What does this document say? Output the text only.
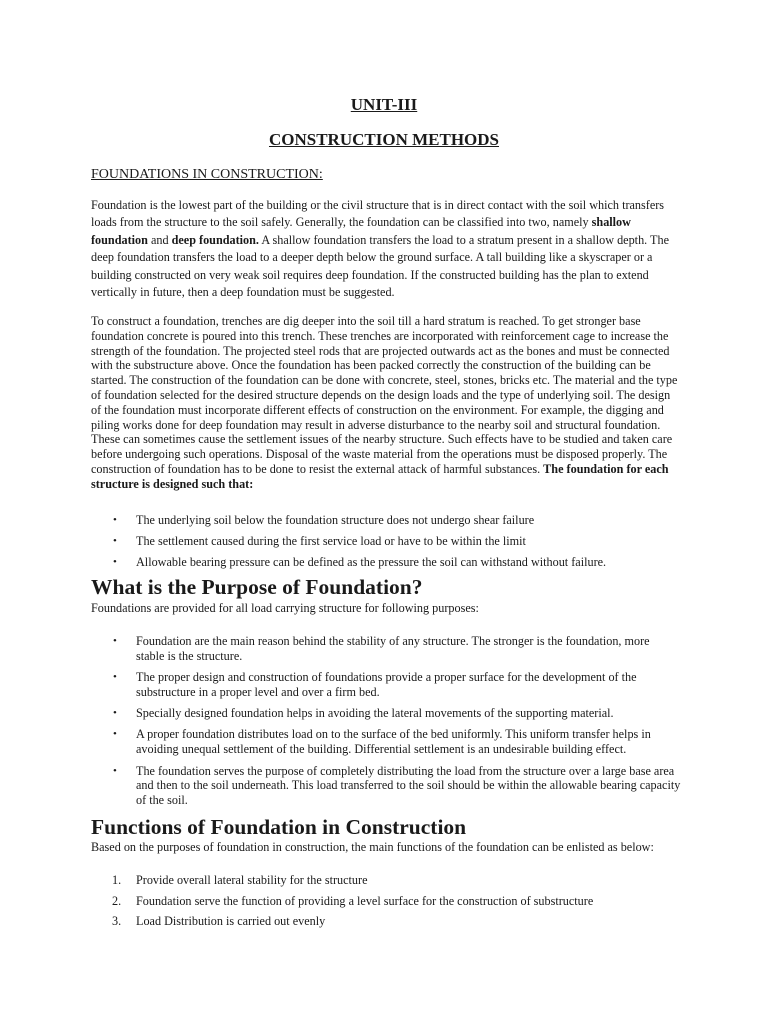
UNIT-III
CONSTRUCTION METHODS
FOUNDATIONS IN CONSTRUCTION:

Foundation is the lowest part of the building or the civil structure that is in direct contact with the soil which transfers loads from the structure to the soil safely. Generally, the foundation can be classified into two, namely shallow foundation and deep foundation. A shallow foundation transfers the load to a stratum present in a shallow depth. The deep foundation transfers the load to a deeper depth below the ground surface. A tall building like a skyscraper or a building constructed on very weak soil requires deep foundation. If the constructed building has the plan to extend vertically in future, then a deep foundation must be suggested.

To construct a foundation, trenches are dig deeper into the soil till a hard stratum is reached. To get stronger base foundation concrete is poured into this trench. These trenches are incorporated with reinforcement cage to increase the strength of the foundation. The projected steel rods that are projected outwards act as the bones and must be connected with the substructure above. Once the foundation has been packed correctly the construction of the building can be started. The construction of the foundation can be done with concrete, steel, stones, bricks etc. The material and the type of foundation selected for the desired structure depends on the design loads and the type of underlying soil. The design of the foundation must incorporate different effects of construction on the environment. For example, the digging and piling works done for deep foundation may result in adverse disturbance to the nearby soil and structural foundation. These can sometimes cause the settlement issues of the nearby structure. Such effects have to be studied and taken care before undergoing such operations. Disposal of the waste material from the operations must be disposed properly. The construction of foundation has to be done to resist the external attack of harmful substances. The foundation for each structure is designed such that:

• The underlying soil below the foundation structure does not undergo shear failure
• The settlement caused during the first service load or have to be within the limit
• Allowable bearing pressure can be defined as the pressure the soil can withstand without failure.
What is the Purpose of Foundation?
Foundations are provided for all load carrying structure for following purposes:
• Foundation are the main reason behind the stability of any structure. The stronger is the foundation, more stable is the structure.
• The proper design and construction of foundations provide a proper surface for the development of the substructure in a proper level and over a firm bed.
• Specially designed foundation helps in avoiding the lateral movements of the supporting material.
• A proper foundation distributes load on to the surface of the bed uniformly. This uniform transfer helps in avoiding unequal settlement of the building. Differential settlement is an undesirable building effect.
• The foundation serves the purpose of completely distributing the load from the structure over a large base area and then to the soil underneath. This load transferred to the soil should be within the allowable bearing capacity of the soil.
Functions of Foundation in Construction
Based on the purposes of foundation in construction, the main functions of the foundation can be enlisted as below:
1. Provide overall lateral stability for the structure
2. Foundation serve the function of providing a level surface for the construction of substructure
3. Load Distribution is carried out evenly
